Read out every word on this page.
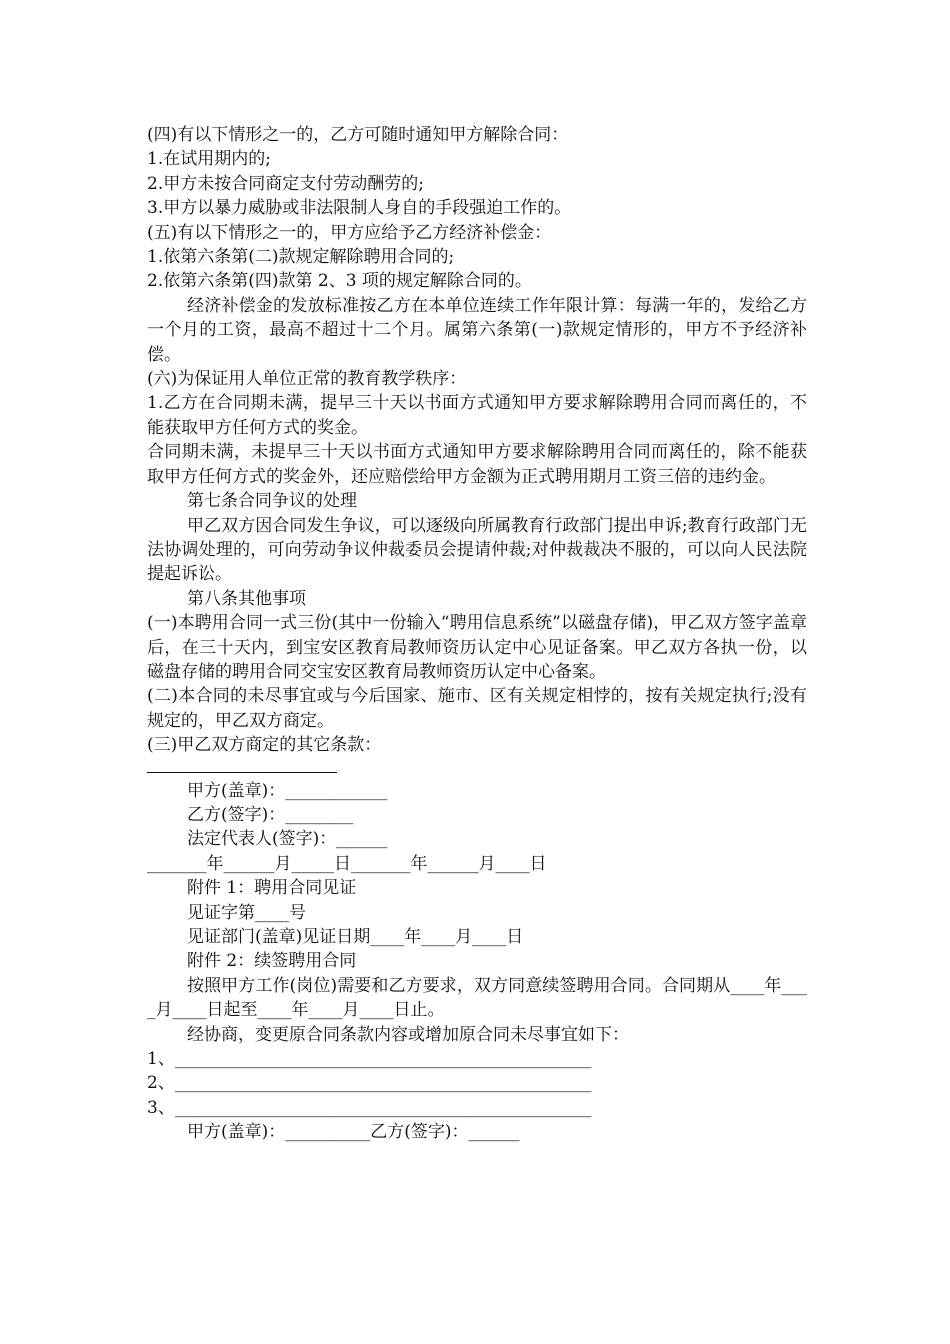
(四)有以下情形之一的，乙方可随时通知甲方解除合同：

1.在试用期内的;

2.甲方未按合同商定支付劳动酬劳的;

3.甲方以暴力威胁或非法限制人身自的手段强迫工作的。

(五)有以下情形之一的，甲方应给予乙方经济补偿金：

1.依第六条第(二)款规定解除聘用合同的;

2.依第六条第(四)款第 2、3 项的规定解除合同的。

经济补偿金的发放标准按乙方在本单位连续工作年限计算：每满一年的，发给乙方一个月的工资，最高不超过十二个月。属第六条第(一)款规定情形的，甲方不予经济补偿。

(六)为保证用人单位正常的教育教学秩序：

1.乙方在合同期未满，提早三十天以书面方式通知甲方要求解除聘用合同而离任的，不能获取甲方任何方式的奖金。

合同期未满，未提早三十天以书面方式通知甲方要求解除聘用合同而离任的，除不能获取甲方任何方式的奖金外，还应赔偿给甲方金额为正式聘用期月工资三倍的违约金。

第七条合同争议的处理

甲乙双方因合同发生争议，可以逐级向所属教育行政部门提出申诉;教育行政部门无法协调处理的，可向劳动争议仲裁委员会提请仲裁;对仲裁裁决不服的，可以向人民法院提起诉讼。

第八条其他事项

(一)本聘用合同一式三份(其中一份输入“聘用信息系统”以磁盘存储)，甲乙双方签字盖章后，在三十天内，到宝安区教育局教师资历认定中心见证备案。甲乙双方各执一份，以磁盘存储的聘用合同交宝安区教育局教师资历认定中心备案。

(二)本合同的未尽事宜或与今后国家、施市、区有关规定相悖的，按有关规定执行;没有规定的，甲乙双方商定。

(三)甲乙双方商定的其它条款：

甲方(盖章)：____________

乙方(签字)：________

法定代表人(签字)：______

_______年______月_____日_______年______月____日

附件 1：聘用合同见证

见证字第____号

见证部门(盖章)见证日期____年____月____日

附件 2：续签聘用合同

按照甲方工作(岗位)需要和乙方要求，双方同意续签聘用合同。合同期从____年____月____日起至____年____月____日止。

经协商，变更原合同条款内容或增加原合同未尽事宜如下：

1、_________________________________________________

2、_________________________________________________

3、_________________________________________________

甲方(盖章)：__________乙方(签字)：______
